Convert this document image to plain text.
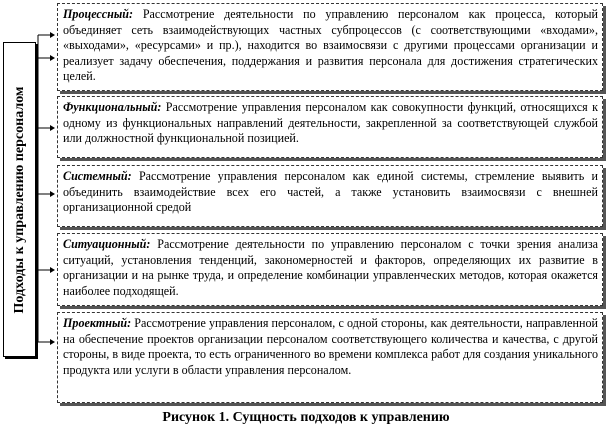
Подходы к управлению персоналом
Процессный: Рассмотрение деятельности по управлению персоналом как процесса, который объединяет сеть взаимодействующих частных субпроцессов (с соответствующими «входами», «выходами», «ресурсами» и пр.), находится во взаимосвязи с другими процессами организации и реализует задачу обеспечения, поддержания и развития персонала для достижения стратегических целей.
Функциональный: Рассмотрение управления персоналом как совокупности функций, относящихся к одному из функциональных направлений деятельности, закрепленной за соответствующей службой или должностной функциональной позицией.
Системный: Рассмотрение управления персоналом как единой системы, стремление выявить и объединить взаимодействие всех его частей, а также установить взаимосвязи с внешней организационной средой
Ситуационный: Рассмотрение деятельности по управлению персоналом с точки зрения анализа ситуаций, установления тенденций, закономерностей и факторов, определяющих их развитие в организации и на рынке труда, и определение комбинации управленческих методов, которая окажется наиболее подходящей.
Проектный: Рассмотрение управления персоналом, с одной стороны, как деятельности, направленной на обеспечение проектов организации персоналом соответствующего количества и качества, с другой стороны, в виде проекта, то есть ограниченного во времени комплекса работ для создания уникального продукта или услуги в области управления персоналом.
Рисунок 1. Сущность подходов к управлению
